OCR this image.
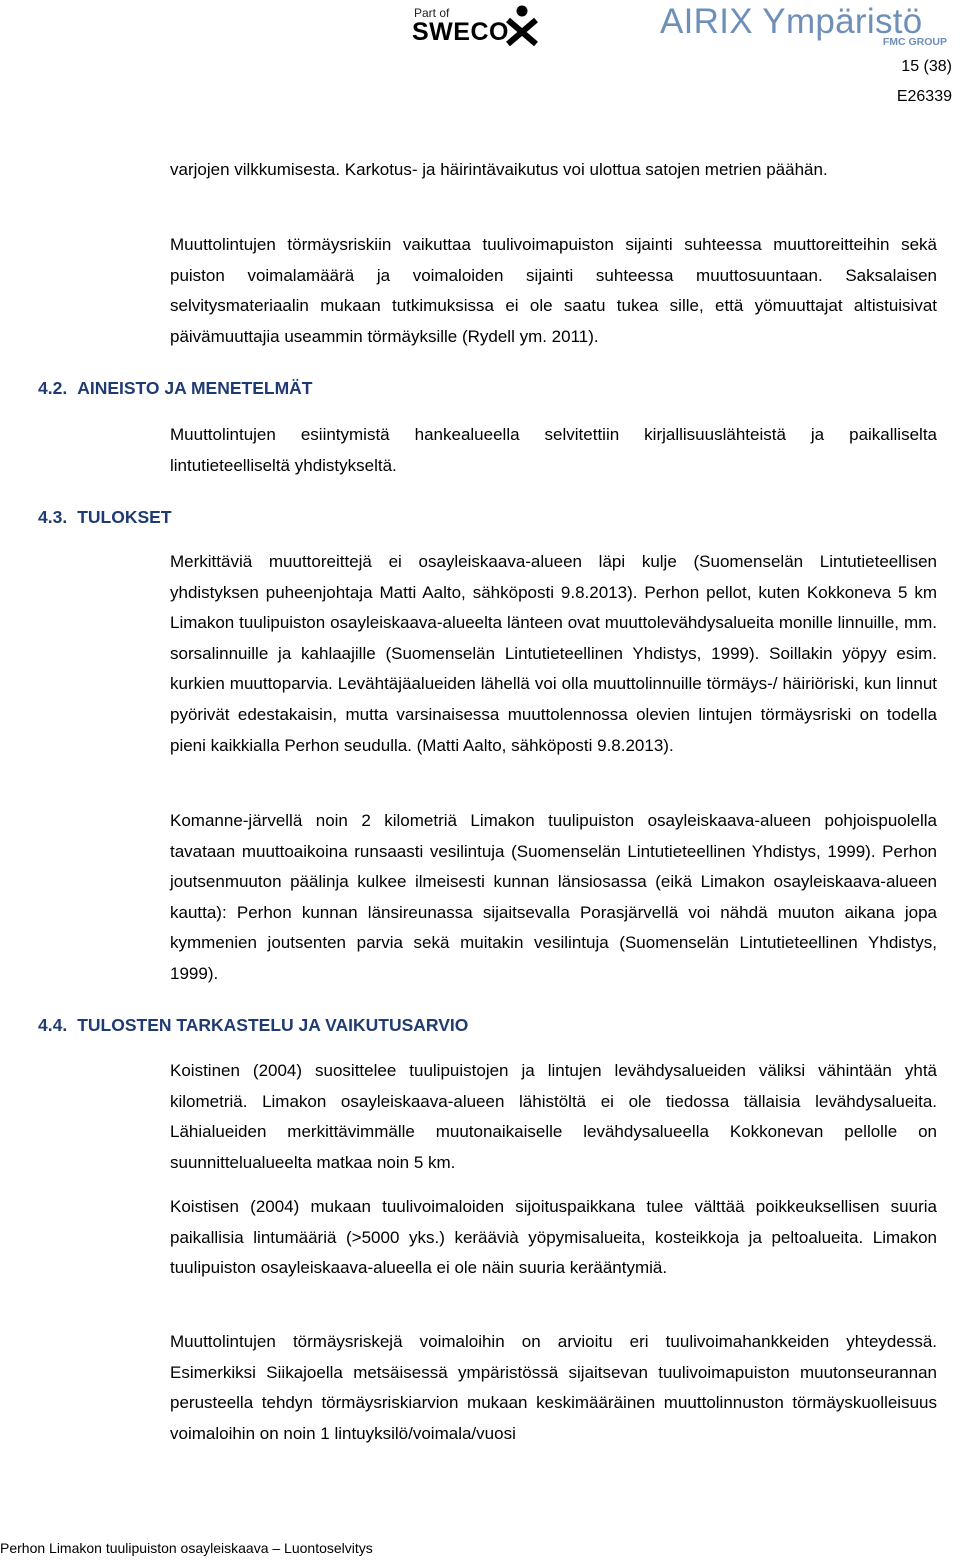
Part of
SWECO	AIRIX Ympäristö
FMC GROUP
15 (38)
E26339

varjojen vilkkumisesta. Karkotus- ja häirintävaikutus voi ulottua satojen metrien päähän.

Muuttolintujen törmäysriskiin vaikuttaa tuulivoimapuiston sijainti suhteessa muuttoreitteihin sekä puiston voimalamäärä ja voimaloiden sijainti suhteessa muuttosuuntaan. Saksalaisen selvitysmateriaalin mukaan tutkimuksissa ei ole saatu tukea sille, että yömuuttajat altistuisivat päivämuuttajia useammin törmäyksille (Rydell ym. 2011).

4.2. AINEISTO JA MENETELMÄT

Muuttolintujen esiintymistä hankealueella selvitettiin kirjallisuuslähteistä ja paikalliselta lintutieteelliseltä yhdistykseltä.

4.3. TULOKSET

Merkittäviä muuttoreittejä ei osayleiskaava-alueen läpi kulje (Suomenselän Lintutieteellisen yhdistyksen puheenjohtaja Matti Aalto, sähköposti 9.8.2013). Perhon pellot, kuten Kokkoneva 5 km Limakon tuulipuiston osayleiskaava-alueelta länteen ovat muuttolevähdysalueita monille linnuille, mm. sorsalinnuille ja kahlaajille (Suomenselän Lintutieteellinen Yhdistys, 1999). Soillakin yöpyy esim. kurkien muuttoparvia. Levähtäjäalueiden lähellä voi olla muuttolinnuille törmäys-/ häiriöriski, kun linnut pyörivät edestakaisin, mutta varsinaisessa muuttolennossa olevien lintujen törmäysriski on todella pieni kaikkialla Perhon seudulla. (Matti Aalto, sähköposti 9.8.2013).

Komanne-järvellä noin 2 kilometriä Limakon tuulipuiston osayleiskaava-alueen pohjoispuolella tavataan muuttoaikoina runsaasti vesilintuja (Suomenselän Lintutieteellinen Yhdistys, 1999). Perhon joutsenmuuton päälinja kulkee ilmeisesti kunnan länsiosassa (eikä Limakon osayleiskaava-alueen kautta): Perhon kunnan länsireunassa sijaitsevalla Porasjärvellä voi nähdä muuton aikana jopa kymmenien joutsenten parvia sekä muitakin vesilintuja (Suomenselän Lintutieteellinen Yhdistys, 1999).

4.4. TULOSTEN TARKASTELU JA VAIKUTUSARVIO

Koistinen (2004) suosittelee tuulipuistojen ja lintujen levähdysalueiden väliksi vähintään yhtä kilometriä. Limakon osayleiskaava-alueen lähistöltä ei ole tiedossa tällaisia levähdysalueita. Lähialueiden merkittävimmälle muutonaikaiselle levähdysalueella Kokkonevan pellolle on suunnittelualueelta matkaa noin 5 km.

Koistisen (2004) mukaan tuulivoimaloiden sijoituspaikkana tulee välttää poikkeuksellisen suuria paikallisia lintumääriä (>5000 yks.) keräävià yöpymisalueita, kosteikkoja ja peltoalueita. Limakon tuulipuiston osayleiskaava-alueella ei ole näin suuria kerääntymiä.

Muuttolintujen törmäysriskejä voimaloihin on arvioitu eri tuulivoimahankkeiden yhteydessä. Esimerkiksi Siikajoella metsäisessä ympäristössä sijaitsevan tuulivoimapuiston muutonseurannan perusteella tehdyn törmäysriskiarvion mukaan keskimääräinen muuttolinnuston törmäyskuolleisuus voimaloihin on noin 1 lintuyksilö/voimala/vuosi

Perhon Limakon tuulipuiston osayleiskaava – Luontoselvitys
